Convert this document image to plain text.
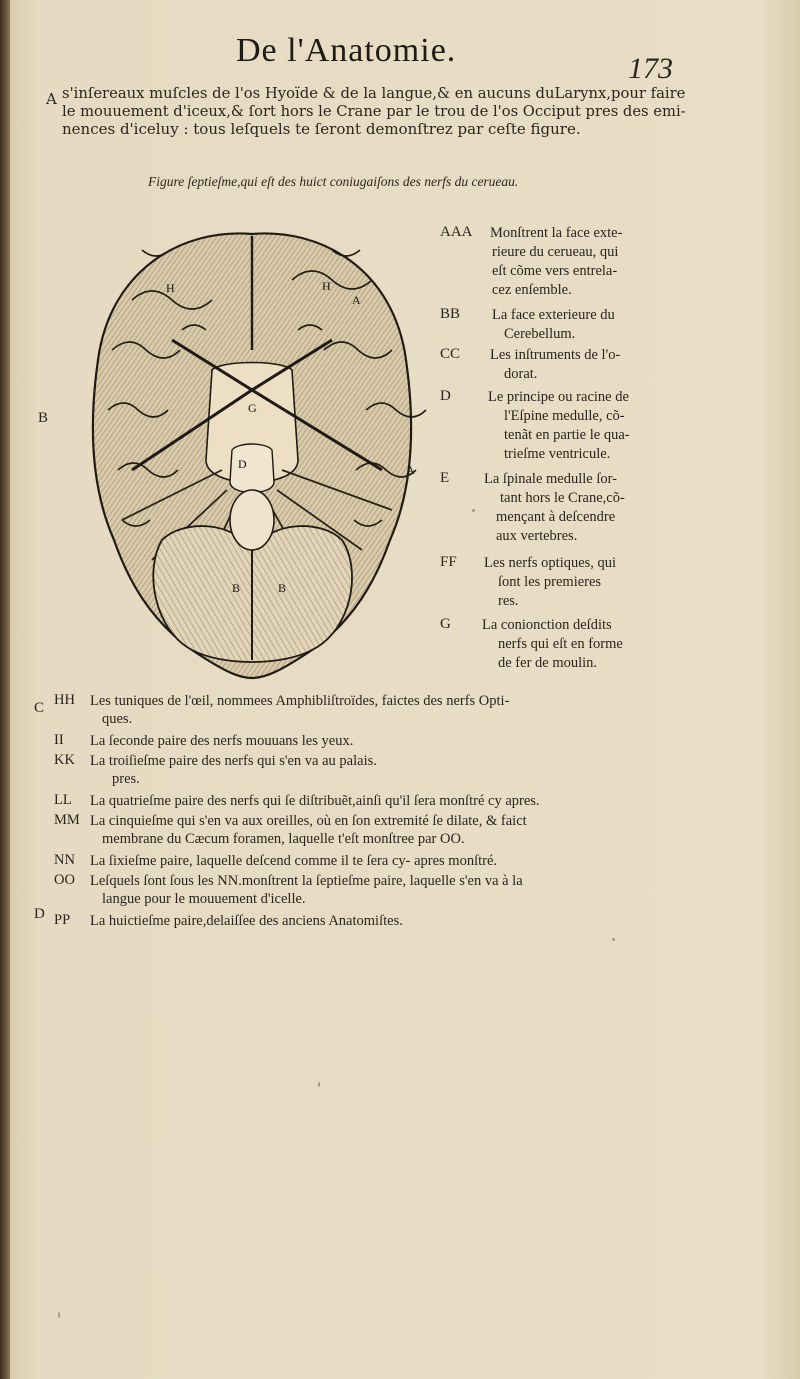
De l'Anatomie.	173
A s'inſereaux muſcles de l'os Hyoïde & de la langue,& en aucuns duLarynx,pour faire
le mouuement d'iceux,& ſort hors le Crane par le trou de l'os Occiput pres des emi-
nences d'iceluy : tous leſquels te ſeront demonſtrez par ceſte figure.
Figure ſeptieſme,qui eſt des huict coniugaiſons des nerfs du cerueau.
B
C
D
H	H
A
G
D	A
B	B
AAA Monſtrent la face exte-
rieure du cerueau, qui
eſt cõme vers entrela-
cez enſemble.
BB La face exterieure du
Cerebellum.
CC Les inſtruments de l'o-
dorat.
D	Le principe ou racine de
l'Eſpine medulle, cõ-
tenãt en partie le qua-
trieſme ventricule.
E La ſpinale medulle ſor-
tant hors le Crane,cõ-
mençant à deſcendre
aux vertebres.
FF Les nerfs optiques, qui
ſont les premieres
res.
G La conionction deſdits
nerfs qui eſt en forme
de fer de moulin.
HH Les tuniques de l'œil, nommees Amphibliſtroïdes, faictes des nerfs Opti-
ques.
II La ſeconde paire des nerfs mouuans les yeux.
KK La troiſieſme paire des nerfs qui s'en va au palais.
pres.
LL La quatrieſme paire des nerfs qui ſe diſtribuẽt,ainſi qu'il ſera monſtré cy apres.
MM La cinquieſme qui s'en va aux oreilles, où en ſon extremité ſe dilate, & faict
membrane du Cæcum foramen, laquelle t'eſt monſtree par OO.
NN La ſixieſme paire, laquelle deſcend comme il te ſera cy- apres monſtré.
OO Leſquels ſont ſous les NN.monſtrent la ſeptieſme paire, laquelle s'en va à la
langue pour le mouuement d'icelle.
PP La huictieſme paire,delaiſſee des anciens Anatomiſtes.
